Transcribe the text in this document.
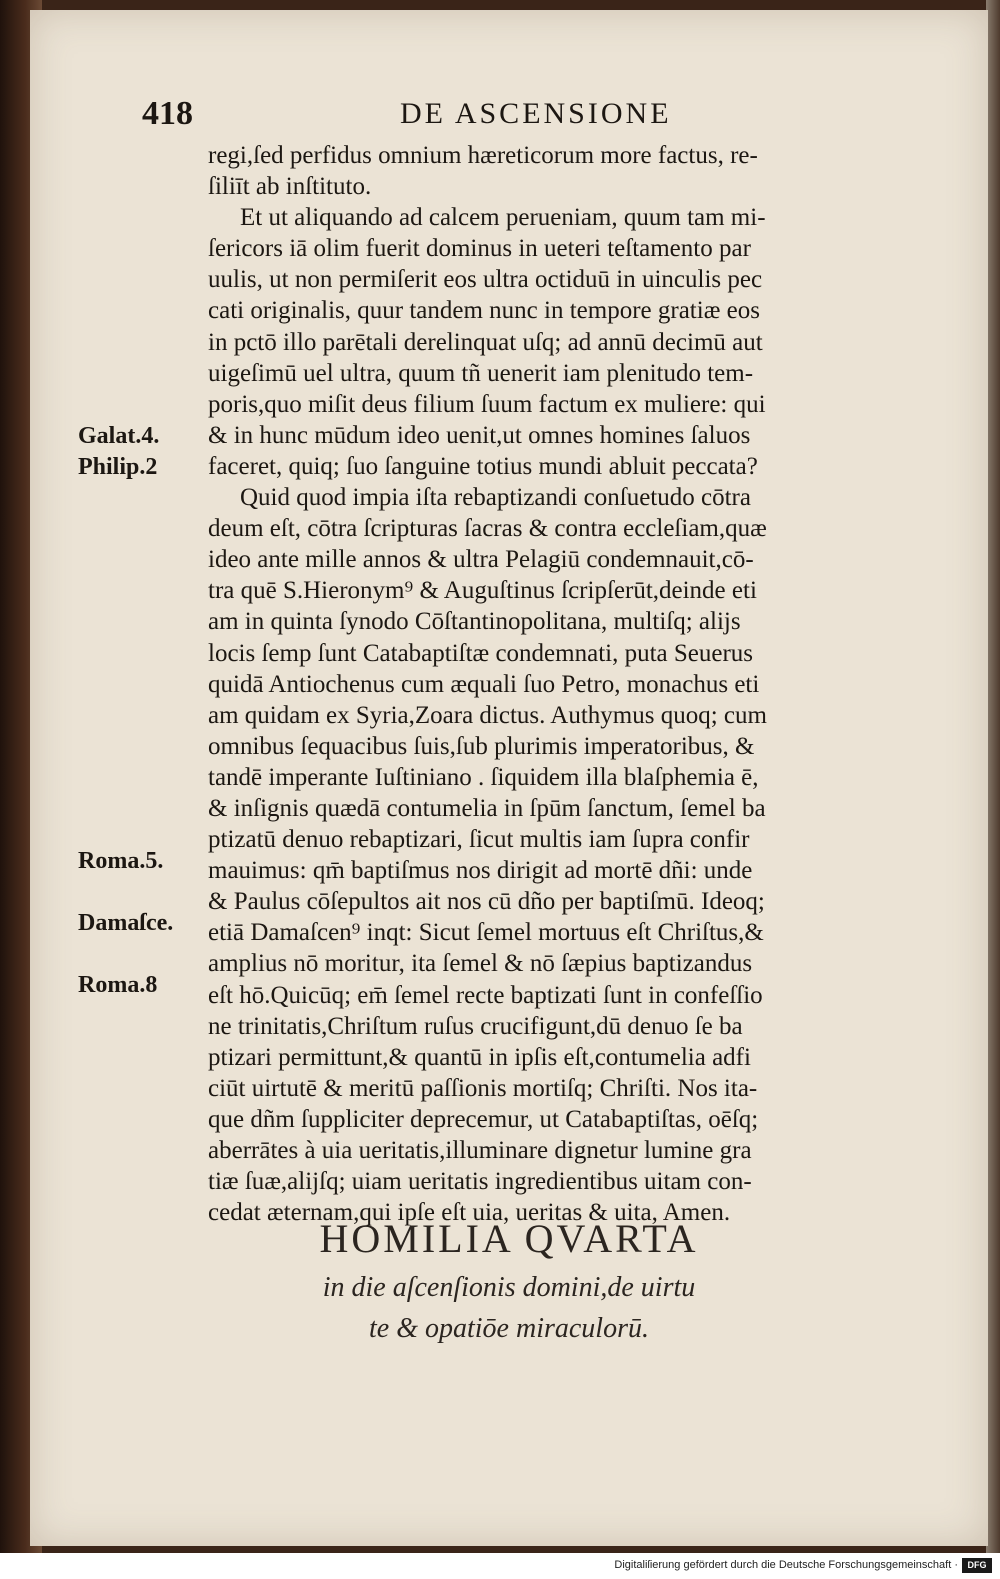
418	DE ASCENSIONE
regi,ſed perfidus omnium hæreticorum more factus, re-
ſiliīt ab inſtituto.
Et ut aliquando ad calcem perueniam, quum tam mi-
ſericors iā olim fuerit dominus in ueteri teſtamento par
uulis, ut non permiſerit eos ultra octiduū in uinculis pec
cati originalis, quur tandem nunc in tempore gratiæ eos
in pctō illo parētali derelinquat uſq; ad annū decimū aut
uigeſimū uel ultra, quum tñ uenerit iam plenitudo tem-
poris,quo miſit deus filium ſuum factum ex muliere: qui
& in hunc mūdum ideo uenit,ut omnes homines ſaluos
faceret, quiq; ſuo ſanguine totius mundi abluit peccata?
Quid quod impia iſta rebaptizandi conſuetudo cōtra
deum eſt, cōtra ſcripturas ſacras & contra eccleſiam,quæ
ideo ante mille annos & ultra Pelagiū condemnauit,cō-
tra quē S.Hieronym⁹ & Auguſtinus ſcripſerūt,deinde eti
am in quinta ſynodo Cōſtantinopolitana, multiſq; alijs
locis ſemp ſunt Catabaptiſtæ condemnati, puta Seuerus
quidā Antiochenus cum æquali ſuo Petro, monachus eti
am quidam ex Syria,Zoara dictus. Authymus quoq; cum
omnibus ſequacibus ſuis,ſub plurimis imperatoribus, &
tandē imperante Iuſtiniano . ſiquidem illa blaſphemia ē,
& inſignis quædā contumelia in ſpūm ſanctum, ſemel ba
ptizatū denuo rebaptizari, ſicut multis iam ſupra confir
mauimus: qm̄ baptiſmus nos dirigit ad mortē dñi: unde
& Paulus cōſepultos ait nos cū dño per baptiſmū. Ideoq;
etiā Damaſcen⁹ inqt: Sicut ſemel mortuus eſt Chriſtus,&
amplius nō moritur, ita ſemel & nō ſæpius baptizandus
eſt hō.Quicūq; em̄ ſemel recte baptizati ſunt in confeſſio
ne trinitatis,Chriſtum ruſus crucifigunt,dū denuo ſe ba
ptizari permittunt,& quantū in ipſis eſt,contumelia adfi
ciūt uirtutē & meritū paſſionis mortiſq; Chriſti. Nos ita-
que dñm ſuppliciter deprecemur, ut Catabaptiſtas, oēſq;
aberrātes à uia ueritatis,illuminare dignetur lumine gra
tiæ ſuæ,alijſq; uiam ueritatis ingredientibus uitam con-
cedat æternam,qui ipſe eſt uia, ueritas & uita, Amen.
Galat.4.
Philip.2
Roma.5.
Damaſce.
Roma.8
HOMILIA QVARTA
in die aſcenſionis domini,de uirtu
te & opatiōe miraculorū.
Digitaliſierung gefördert durch die Deutsche Forschungsgemeinschaft ·	DFG
